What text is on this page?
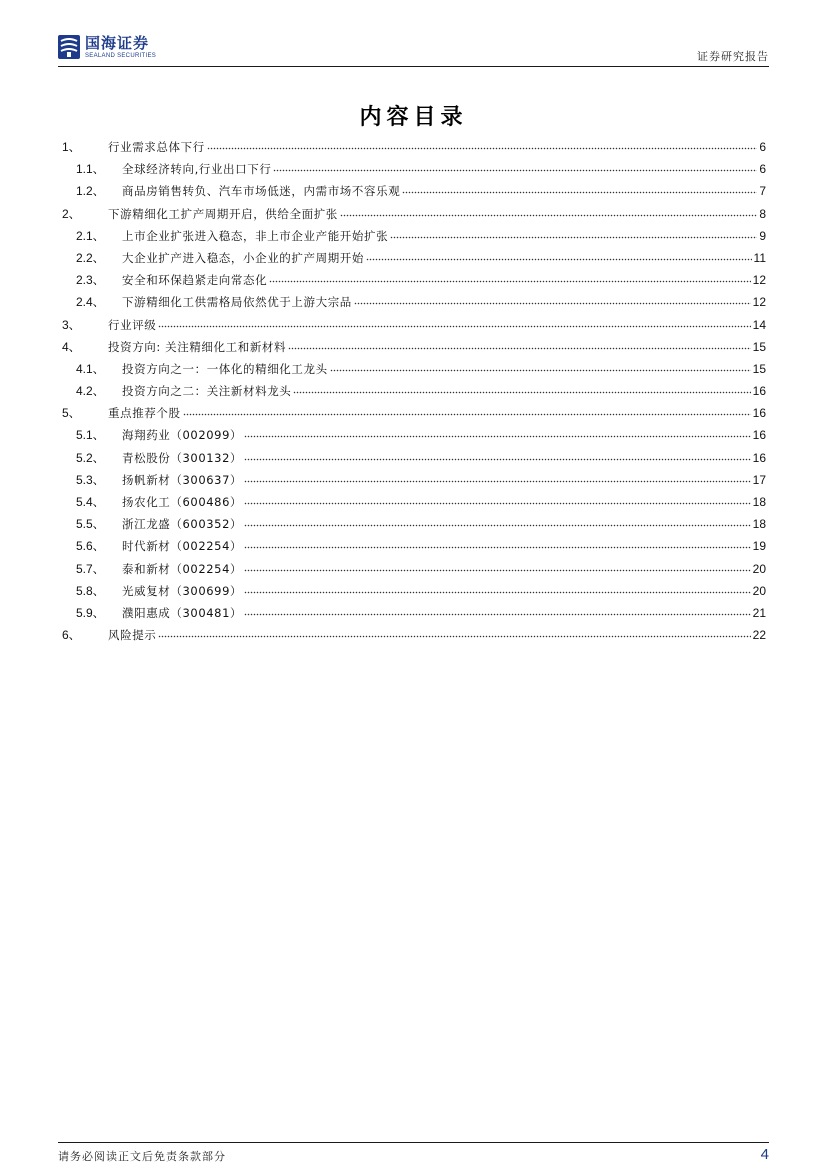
国海证券
SEALAND SECURITIES	证券研究报告
内容目录
1、 行业需求总体下行	6
1.1、 全球经济转向,行业出口下行	6
1.2、 商品房销售转负、汽车市场低迷，内需市场不容乐观	7
2、 下游精细化工扩产周期开启，供给全面扩张	8
2.1、 上市企业扩张进入稳态，非上市企业产能开始扩张	9
2.2、 大企业扩产进入稳态，小企业的扩产周期开始	11
2.3、 安全和环保趋紧走向常态化	12
2.4、 下游精细化工供需格局依然优于上游大宗品	12
3、 行业评级	14
4、 投资方向: 关注精细化工和新材料	15
4.1、 投资方向之一：一体化的精细化工龙头	15
4.2、 投资方向之二：关注新材料龙头	16
5、 重点推荐个股	16
5.1、 海翔药业（002099）	16
5.2、 青松股份（300132）	16
5.3、 扬帆新材（300637）	17
5.4、 扬农化工（600486）	18
5.5、 浙江龙盛（600352）	18
5.6、 时代新材（002254）	19
5.7、 泰和新材（002254）	20
5.8、 光威复材（300699）	20
5.9、 濮阳惠成（300481）	21
6、 风险提示	22
请务必阅读正文后免责条款部分	4
